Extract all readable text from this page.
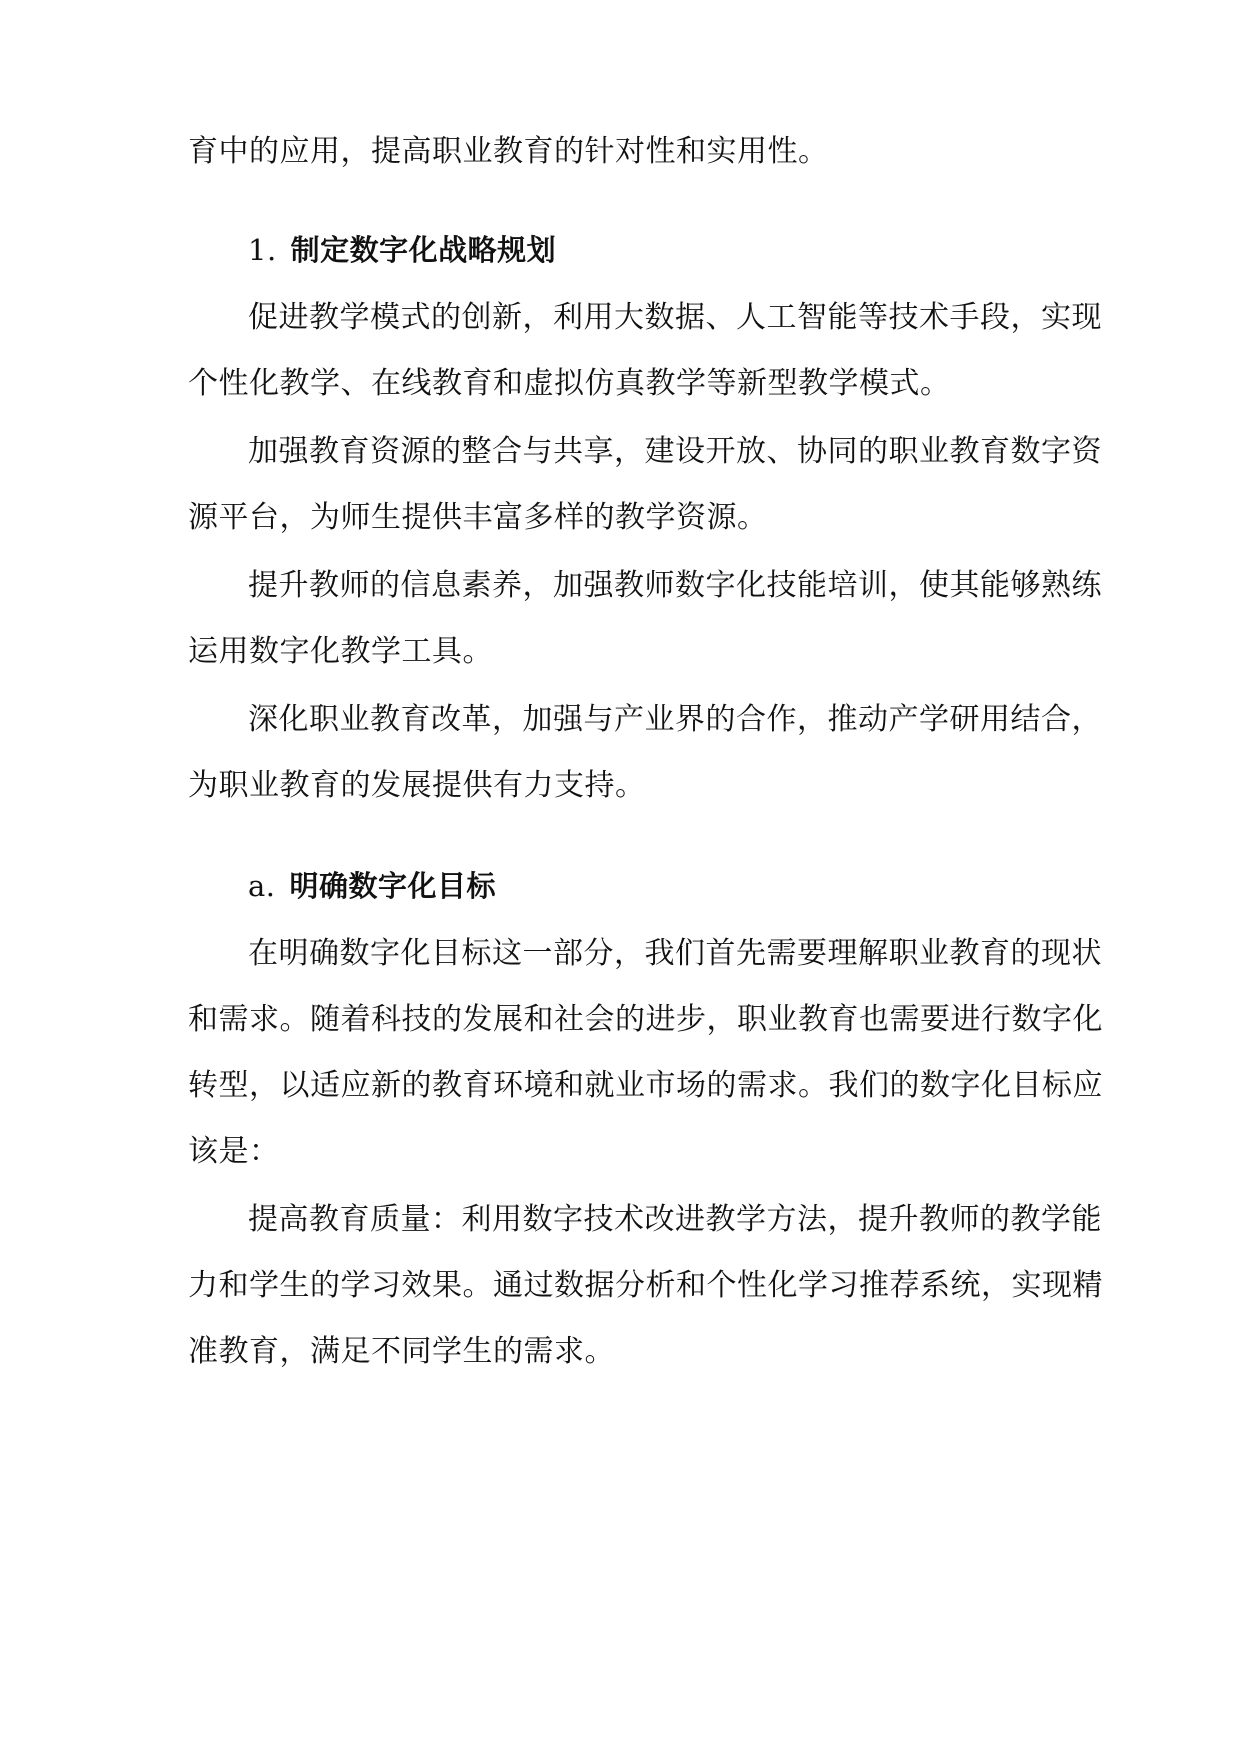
育中的应用，提高职业教育的针对性和实用性。
1. 制定数字化战略规划
促进教学模式的创新，利用大数据、人工智能等技术手段，实现
个性化教学、在线教育和虚拟仿真教学等新型教学模式。
加强教育资源的整合与共享，建设开放、协同的职业教育数字资
源平台，为师生提供丰富多样的教学资源。
提升教师的信息素养，加强教师数字化技能培训，使其能够熟练
运用数字化教学工具。
深化职业教育改革，加强与产业界的合作，推动产学研用结合，
为职业教育的发展提供有力支持。
a. 明确数字化目标
在明确数字化目标这一部分，我们首先需要理解职业教育的现状
和需求。随着科技的发展和社会的进步，职业教育也需要进行数字化
转型，以适应新的教育环境和就业市场的需求。我们的数字化目标应
该是：
提高教育质量：利用数字技术改进教学方法，提升教师的教学能
力和学生的学习效果。通过数据分析和个性化学习推荐系统，实现精
准教育，满足不同学生的需求。
